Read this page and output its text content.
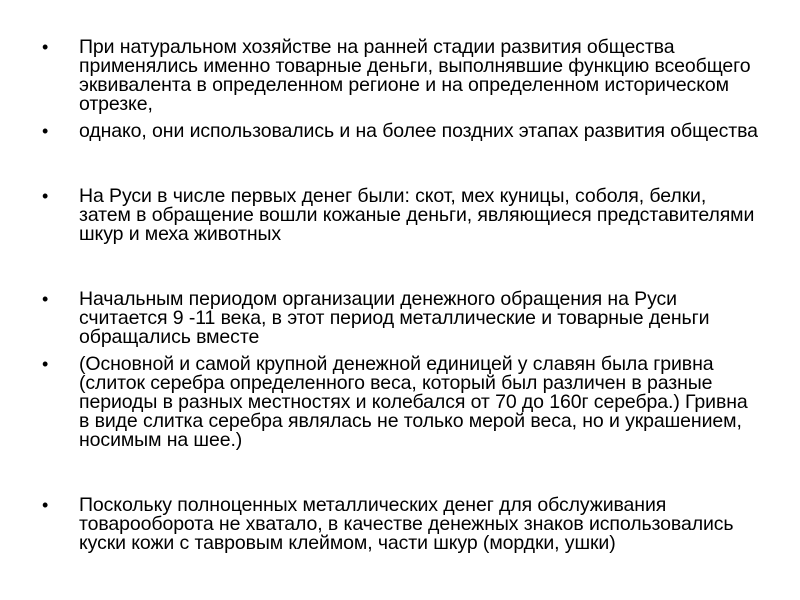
• При натуральном хозяйстве на ранней стадии развития общества применялись именно товарные деньги, выполнявшие функцию всеобщего эквивалента в определенном регионе и на определенном историческом отрезке,
• однако, они использовались и на более поздних этапах развития общества
• На Руси в числе первых денег были: скот, мех куницы, соболя, белки, затем в обращение вошли кожаные деньги, являющиеся представителями шкур и меха животных
• Начальным периодом организации денежного обращения на Руси считается 9 -11 века, в этот период металлические и товарные деньги обращались вместе
• (Основной и самой крупной денежной единицей у славян была гривна (слиток серебра определенного веса, который был различен в разные периоды в разных местностях и колебался от 70 до 160г серебра.) Гривна в виде слитка серебра являлась не только мерой веса, но и украшением, носимым на шее.)
• Поскольку полноценных металлических денег для обслуживания товарооборота не хватало, в качестве денежных знаков использовались куски кожи с тавровым клеймом, части шкур (мордки, ушки)
